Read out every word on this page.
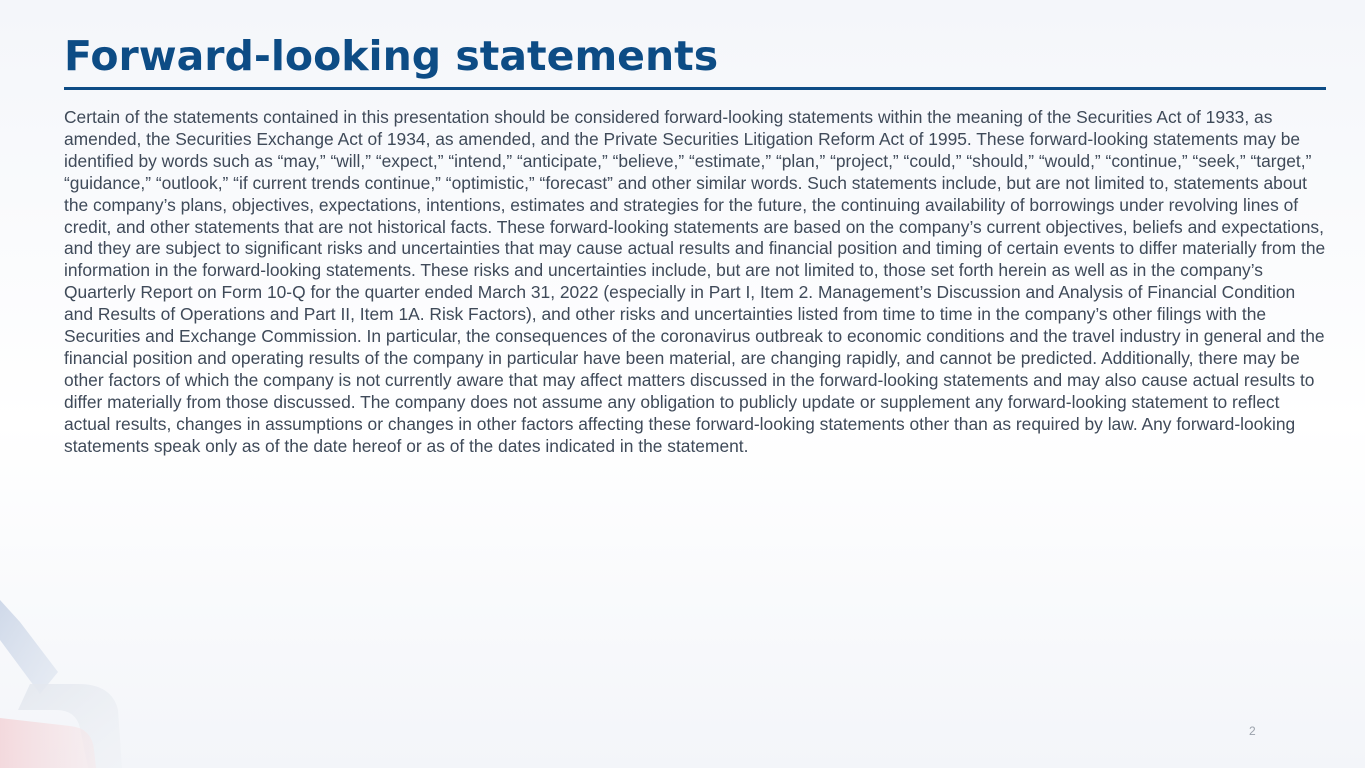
Forward-looking statements

Certain of the statements contained in this presentation should be considered forward-looking statements within the meaning of the Securities Act of 1933, as amended, the Securities Exchange Act of 1934, as amended, and the Private Securities Litigation Reform Act of 1995. These forward-looking statements may be identified by words such as “may,” “will,” “expect,” “intend,” “anticipate,” “believe,” “estimate,” “plan,” “project,” “could,” “should,” “would,” “continue,” “seek,” “target,” “guidance,” “outlook,” “if current trends continue,” “optimistic,” “forecast” and other similar words. Such statements include, but are not limited to, statements about the company’s plans, objectives, expectations, intentions, estimates and strategies for the future, the continuing availability of borrowings under revolving lines of credit, and other statements that are not historical facts. These forward-looking statements are based on the company’s current objectives, beliefs and expectations, and they are subject to significant risks and uncertainties that may cause actual results and financial position and timing of certain events to differ materially from the information in the forward-looking statements. These risks and uncertainties include, but are not limited to, those set forth herein as well as in the company’s Quarterly Report on Form 10-Q for the quarter ended March 31, 2022 (especially in Part I, Item 2. Management’s Discussion and Analysis of Financial Condition and Results of Operations and Part II, Item 1A. Risk Factors), and other risks and uncertainties listed from time to time in the company’s other filings with the Securities and Exchange Commission. In particular, the consequences of the coronavirus outbreak to economic conditions and the travel industry in general and the financial position and operating results of the company in particular have been material, are changing rapidly, and cannot be predicted. Additionally, there may be other factors of which the company is not currently aware that may affect matters discussed in the forward-looking statements and may also cause actual results to differ materially from those discussed. The company does not assume any obligation to publicly update or supplement any forward-looking statement to reflect actual results, changes in assumptions or changes in other factors affecting these forward-looking statements other than as required by law. Any forward-looking statements speak only as of the date hereof or as of the dates indicated in the statement.

2
